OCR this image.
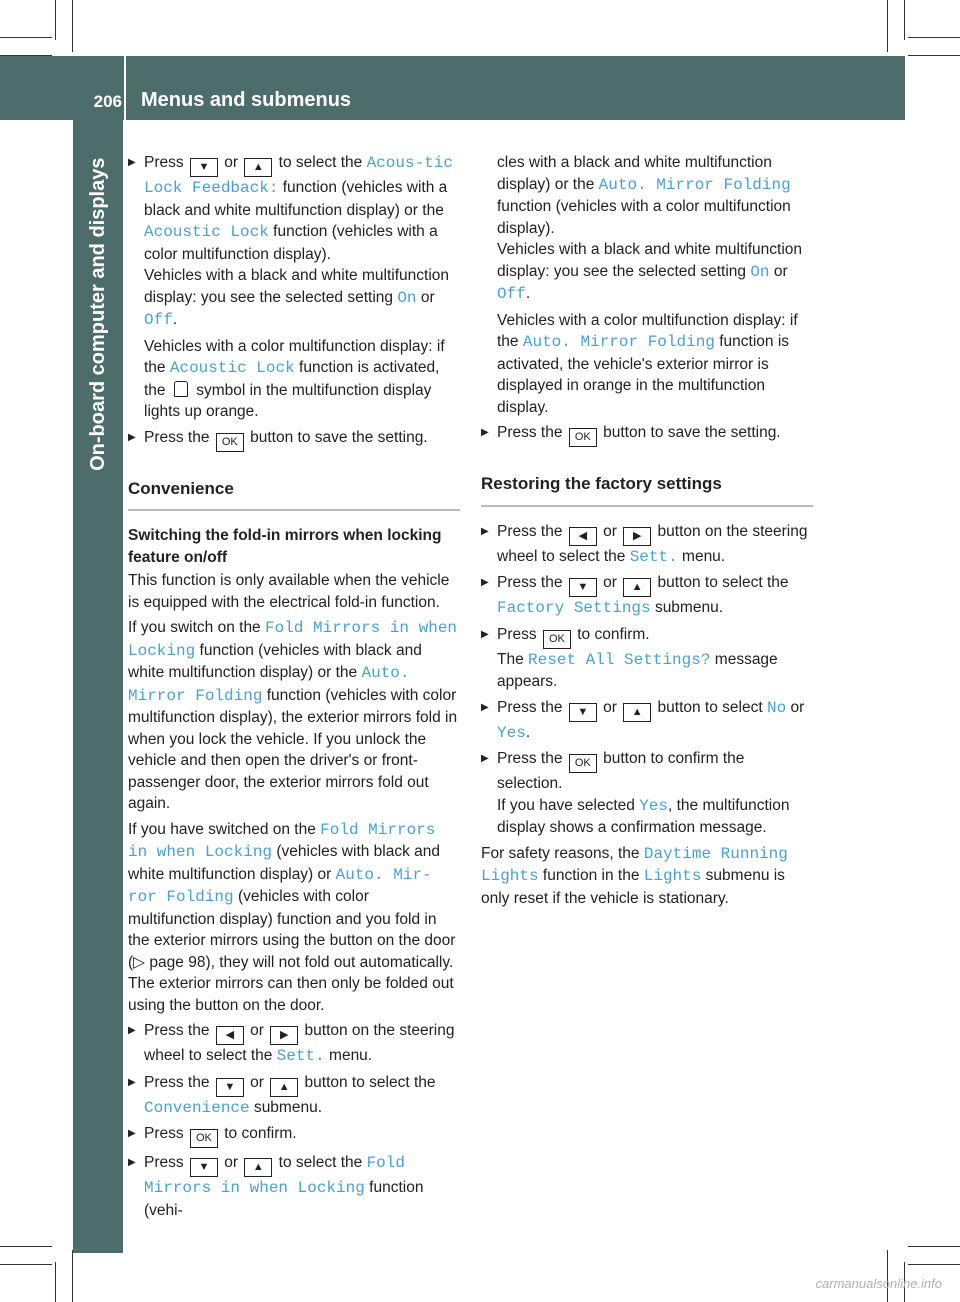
206 Menus and submenus
On-board computer and displays
▶	Press ▼ or ▲ to select the Acous‐tic Lock Feedback: function (vehicles with a black and white multifunction display) or the Acoustic Lock function (vehicles with a color multifunction display).
Vehicles with a black and white multifunction display: you see the selected setting On or Off.
Vehicles with a color multifunction display: if the Acoustic Lock function is activated, the symbol in the multifunction display lights up orange.
▶ Press the OK button to save the setting.
Convenience
Switching the fold-in mirrors when locking feature on/off

This function is only available when the vehicle is equipped with the electrical fold-in function.

If you switch on the Fold Mirrors in when Locking function (vehicles with black and white multifunction display) or the Auto. Mirror Folding function (vehicles with color multifunction display), the exterior mirrors fold in when you lock the vehicle. If you unlock the vehicle and then open the driver's or front-passenger door, the exterior mirrors fold out again.

If you have switched on the Fold Mirrors in when Locking (vehicles with black and white multifunction display) or Auto. Mir‐ror Folding (vehicles with color multifunction display) function and you fold in the exterior mirrors using the button on the door (▷ page 98), they will not fold out automatically. The exterior mirrors can then only be folded out using the button on the door.

▶ Press the ◀ or ▶ button on the steering wheel to select the Sett. menu.
▶ Press the ▼ or ▲ button to select the Convenience submenu.
▶ Press OK to confirm.
▶ Press ▼ or ▲ to select the Fold Mirrors in when Locking function (vehi-
cles with a black and white multifunction display) or the Auto. Mirror Folding function (vehicles with a color multifunction display).
Vehicles with a black and white multifunction display: you see the selected setting On or Off.
Vehicles with a color multifunction display: if the Auto. Mirror Folding function is activated, the vehicle's exterior mirror is displayed in orange in the multifunction display.
▶ Press the OK button to save the setting.
Restoring the factory settings
▶ Press the ◀ or ▶ button on the steering wheel to select the Sett. menu.
▶ Press the ▼ or ▲ button to select the Factory Settings submenu.
▶ Press OK to confirm.
The Reset All Settings? message appears.
▶ Press the ▼ or ▲ button to select No or Yes.
▶ Press the OK button to confirm the selection.
If you have selected Yes, the multifunction display shows a confirmation message.

For safety reasons, the Daytime Running Lights function in the Lights submenu is only reset if the vehicle is stationary.

carmanualsonline.info
